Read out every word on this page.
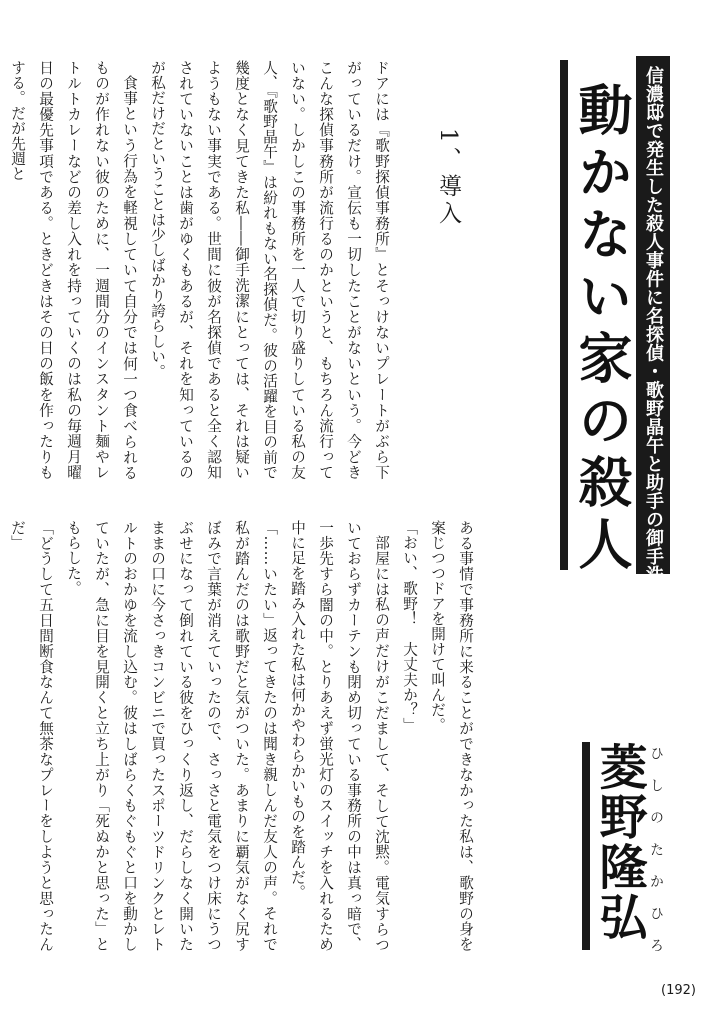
信濃邸で発生した殺人事件に名探偵・歌野晶午と助手の御手洗潔が挑む！
動かない家の殺人
菱野隆弘 ひしのたかひろ
1、導入

ドアには『歌野探偵事務所』とそっけないプレートがぶら下がっているだけ。宣伝も一切したことがないという。今どきこんな探偵事務所が流行るのかというと、もちろん流行っていない。しかしこの事務所を一人で切り盛りしている私の友人、『歌野晶午』は紛れもない名探偵だ。彼の活躍を目の前で幾度となく見てきた私――御手洗潔にとっては、それは疑いようもない事実である。世間に彼が名探偵であると全く認知されていないことは歯がゆくもあるが、それを知っているのが私だけだということは少しばかり誇らしい。

食事という行為を軽視していて自分では何一つ食べられるものが作れない彼のために、一週間分のインスタント麺やレトルトカレーなどの差し入れを持っていくのは私の毎週月曜日の最優先事項である。ときどきはその日の飯を作ったりもする。だが先週と

ある事情で事務所に来ることができなかった私は、歌野の身を案じつつドアを開けて叫んだ。

「おい、歌野！　大丈夫か？」

部屋には私の声だけがこだまして、そして沈黙。電気すらついておらずカーテンも閉め切っている事務所の中は真っ暗で、一歩先すら闇の中。とりあえず蛍光灯のスイッチを入れるため中に足を踏み入れた私は何かやわらかいものを踏んだ。

「……いたい」返ってきたのは聞き親しんだ友人の声。それで私が踏んだのは歌野だと気がついた。あまりに覇気がなく尻すぼみで言葉が消えていったので、さっさと電気をつけ床にうつぶせになって倒れている彼をひっくり返し、だらしなく開いたままの口に今さっきコンビニで買ったスポーツドリンクとレトルトのおかゆを流し込む。彼はしばらくもぐもぐと口を動かしていたが、急に目を見開くと立ち上がり「死ぬかと思った」ともらした。

「どうして五日間断食なんて無茶なプレーをしようと思ったんだ」

(192)
